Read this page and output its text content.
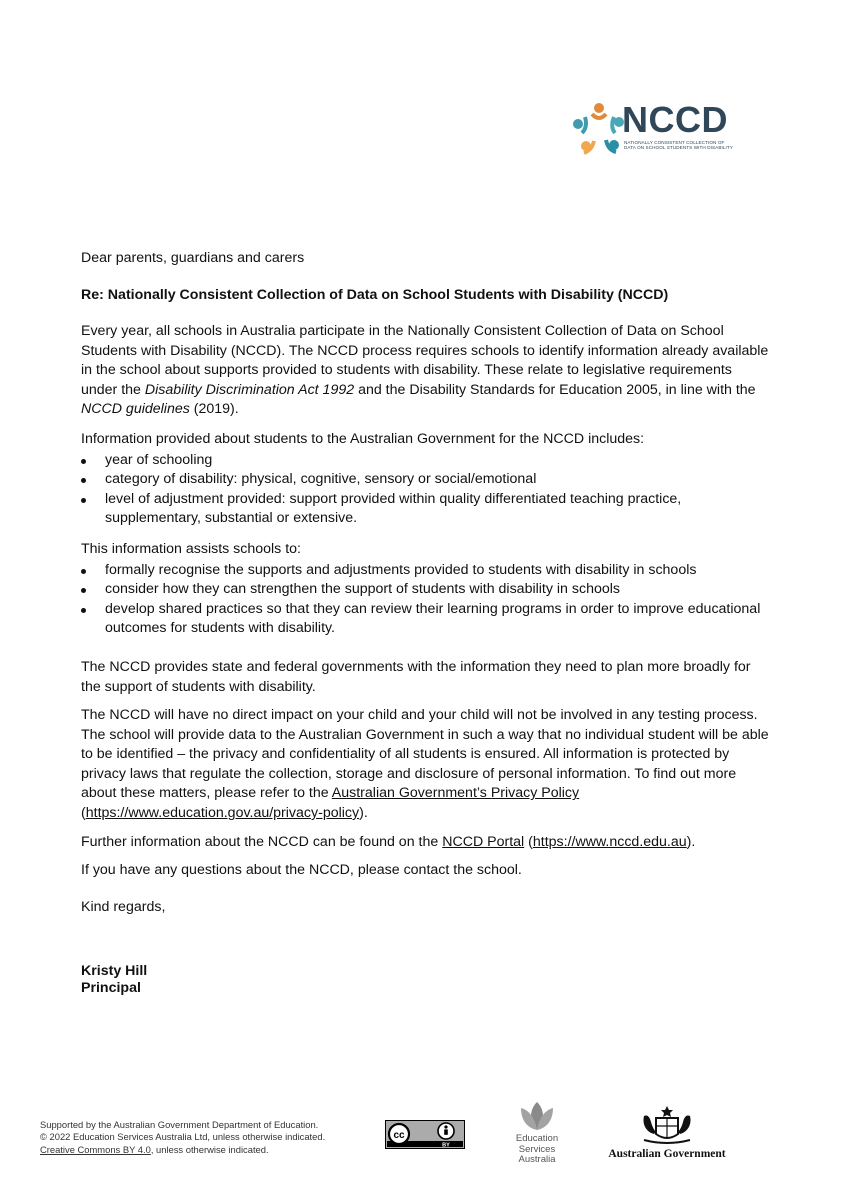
NCCD
NATIONALLY CONSISTENT COLLECTION OF DATA ON SCHOOL STUDENTS WITH DISABILITY
Dear parents, guardians and carers
Re: Nationally Consistent Collection of Data on School Students with Disability (NCCD)

Every year, all schools in Australia participate in the Nationally Consistent Collection of Data on School Students with Disability (NCCD). The NCCD process requires schools to identify information already available in the school about supports provided to students with disability. These relate to legislative requirements under the Disability Discrimination Act 1992 and the Disability Standards for Education 2005, in line with the NCCD guidelines (2019).

Information provided about students to the Australian Government for the NCCD includes:

year of schooling
category of disability: physical, cognitive, sensory or social/emotional
level of adjustment provided: support provided within quality differentiated teaching practice, supplementary, substantial or extensive.

This information assists schools to:

formally recognise the supports and adjustments provided to students with disability in schools
consider how they can strengthen the support of students with disability in schools
develop shared practices so that they can review their learning programs in order to improve educational outcomes for students with disability.
The NCCD provides state and federal governments with the information they need to plan more broadly for the support of students with disability.

The NCCD will have no direct impact on your child and your child will not be involved in any testing process. The school will provide data to the Australian Government in such a way that no individual student will be able to be identified – the privacy and confidentiality of all students is ensured. All information is protected by privacy laws that regulate the collection, storage and disclosure of personal information. To find out more about these matters, please refer to the Australian Government’s Privacy Policy (https://www.education.gov.au/privacy-policy).

Further information about the NCCD can be found on the NCCD Portal (https://www.nccd.edu.au).

If you have any questions about the NCCD, please contact the school.
Kind regards,
Kristy Hill
Principal

Supported by the Australian Government Department of Education.

© 2022 Education Services Australia Ltd, unless otherwise indicated.

Creative Commons BY 4.0, unless otherwise indicated.

cc
BY
Education
Services
Australia	Australian Government
